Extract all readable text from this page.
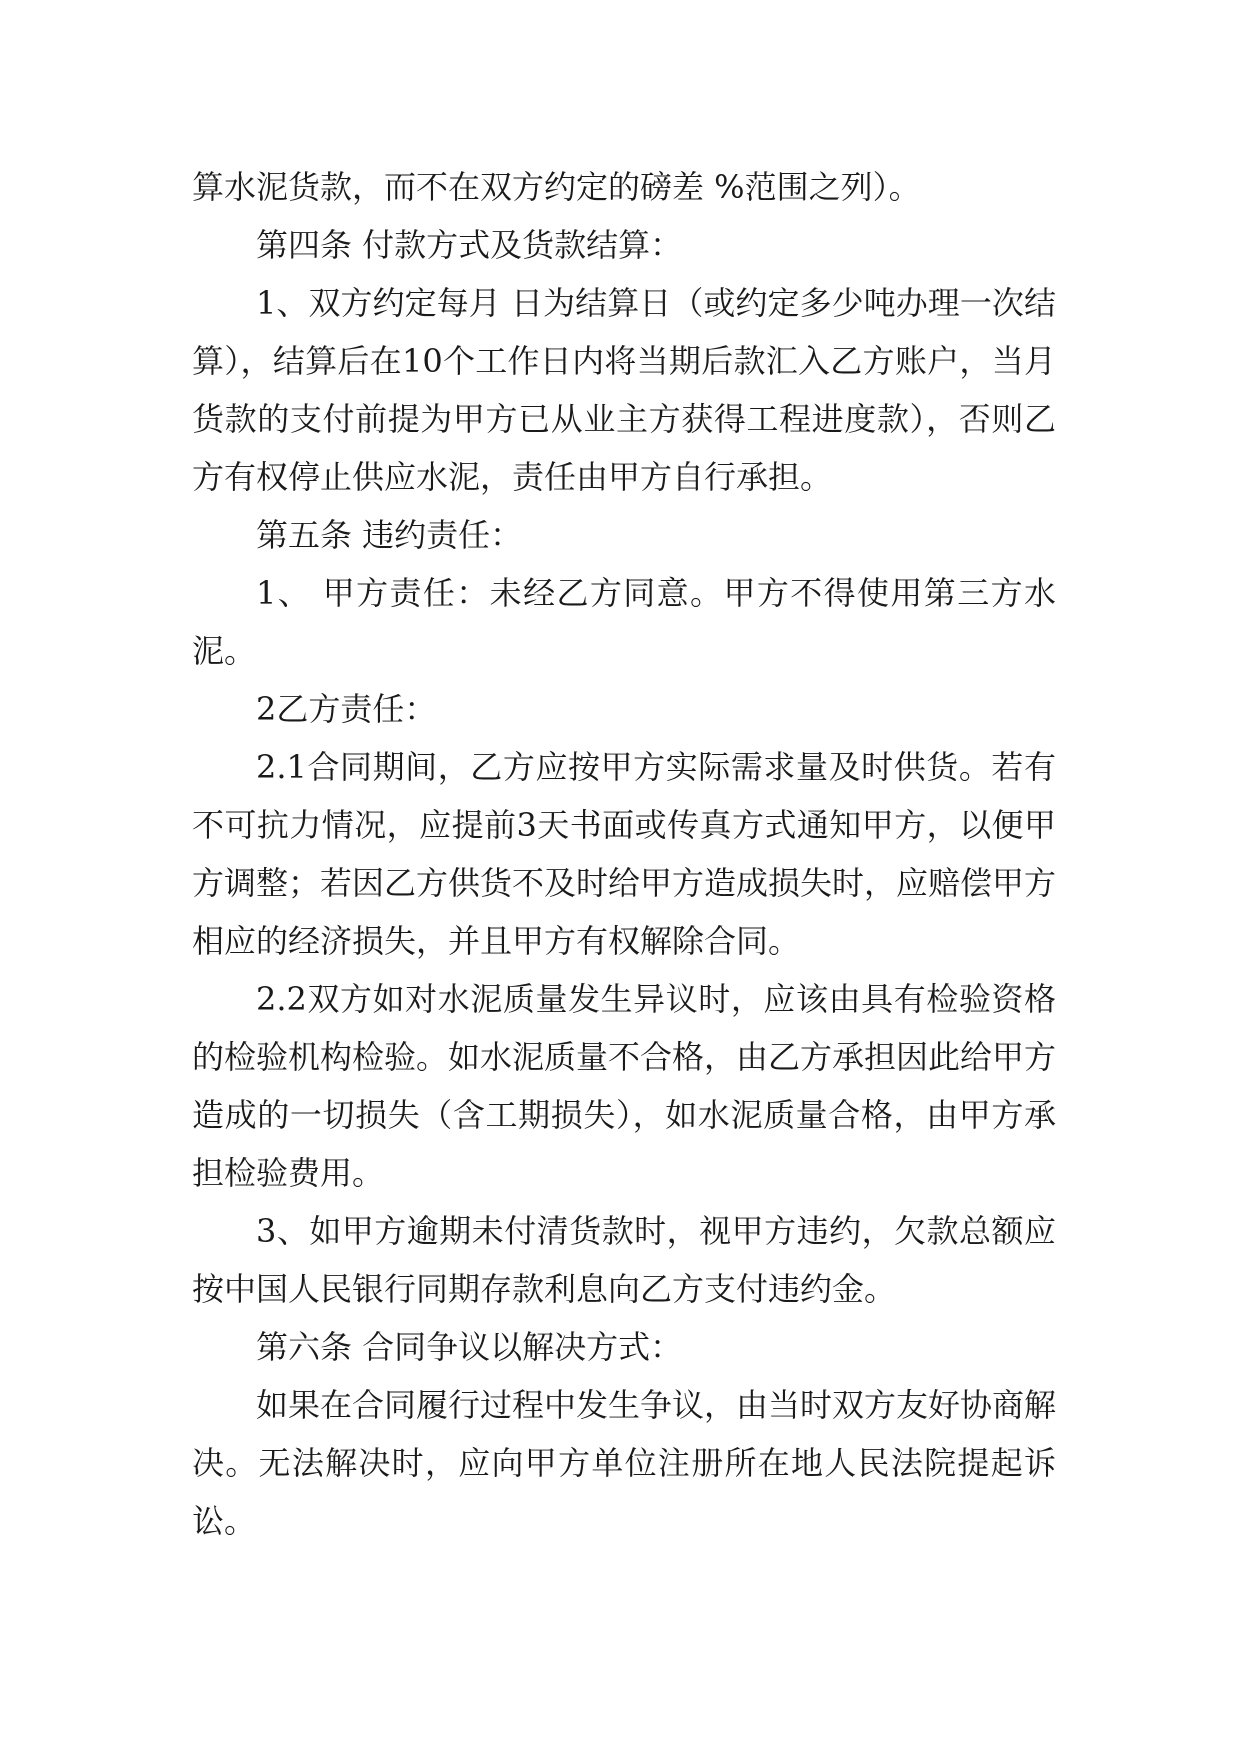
算水泥货款，而不在双方约定的磅差 %范围之列）。

第四条 付款方式及货款结算：

1、双方约定每月 日为结算日（或约定多少吨办理一次结算），结算后在10个工作日内将当期后款汇入乙方账户，当月货款的支付前提为甲方已从业主方获得工程进度款），否则乙方有权停止供应水泥，责任由甲方自行承担。

第五条 违约责任：

1、 甲方责任：未经乙方同意。甲方不得使用第三方水泥。

2乙方责任：

2.1合同期间，乙方应按甲方实际需求量及时供货。若有不可抗力情况，应提前3天书面或传真方式通知甲方，以便甲方调整；若因乙方供货不及时给甲方造成损失时，应赔偿甲方相应的经济损失，并且甲方有权解除合同。

2.2双方如对水泥质量发生异议时，应该由具有检验资格的检验机构检验。如水泥质量不合格，由乙方承担因此给甲方造成的一切损失（含工期损失），如水泥质量合格，由甲方承担检验费用。

3、如甲方逾期未付清货款时，视甲方违约，欠款总额应按中国人民银行同期存款利息向乙方支付违约金。

第六条 合同争议以解决方式：

如果在合同履行过程中发生争议，由当时双方友好协商解决。无法解决时，应向甲方单位注册所在地人民法院提起诉讼。
